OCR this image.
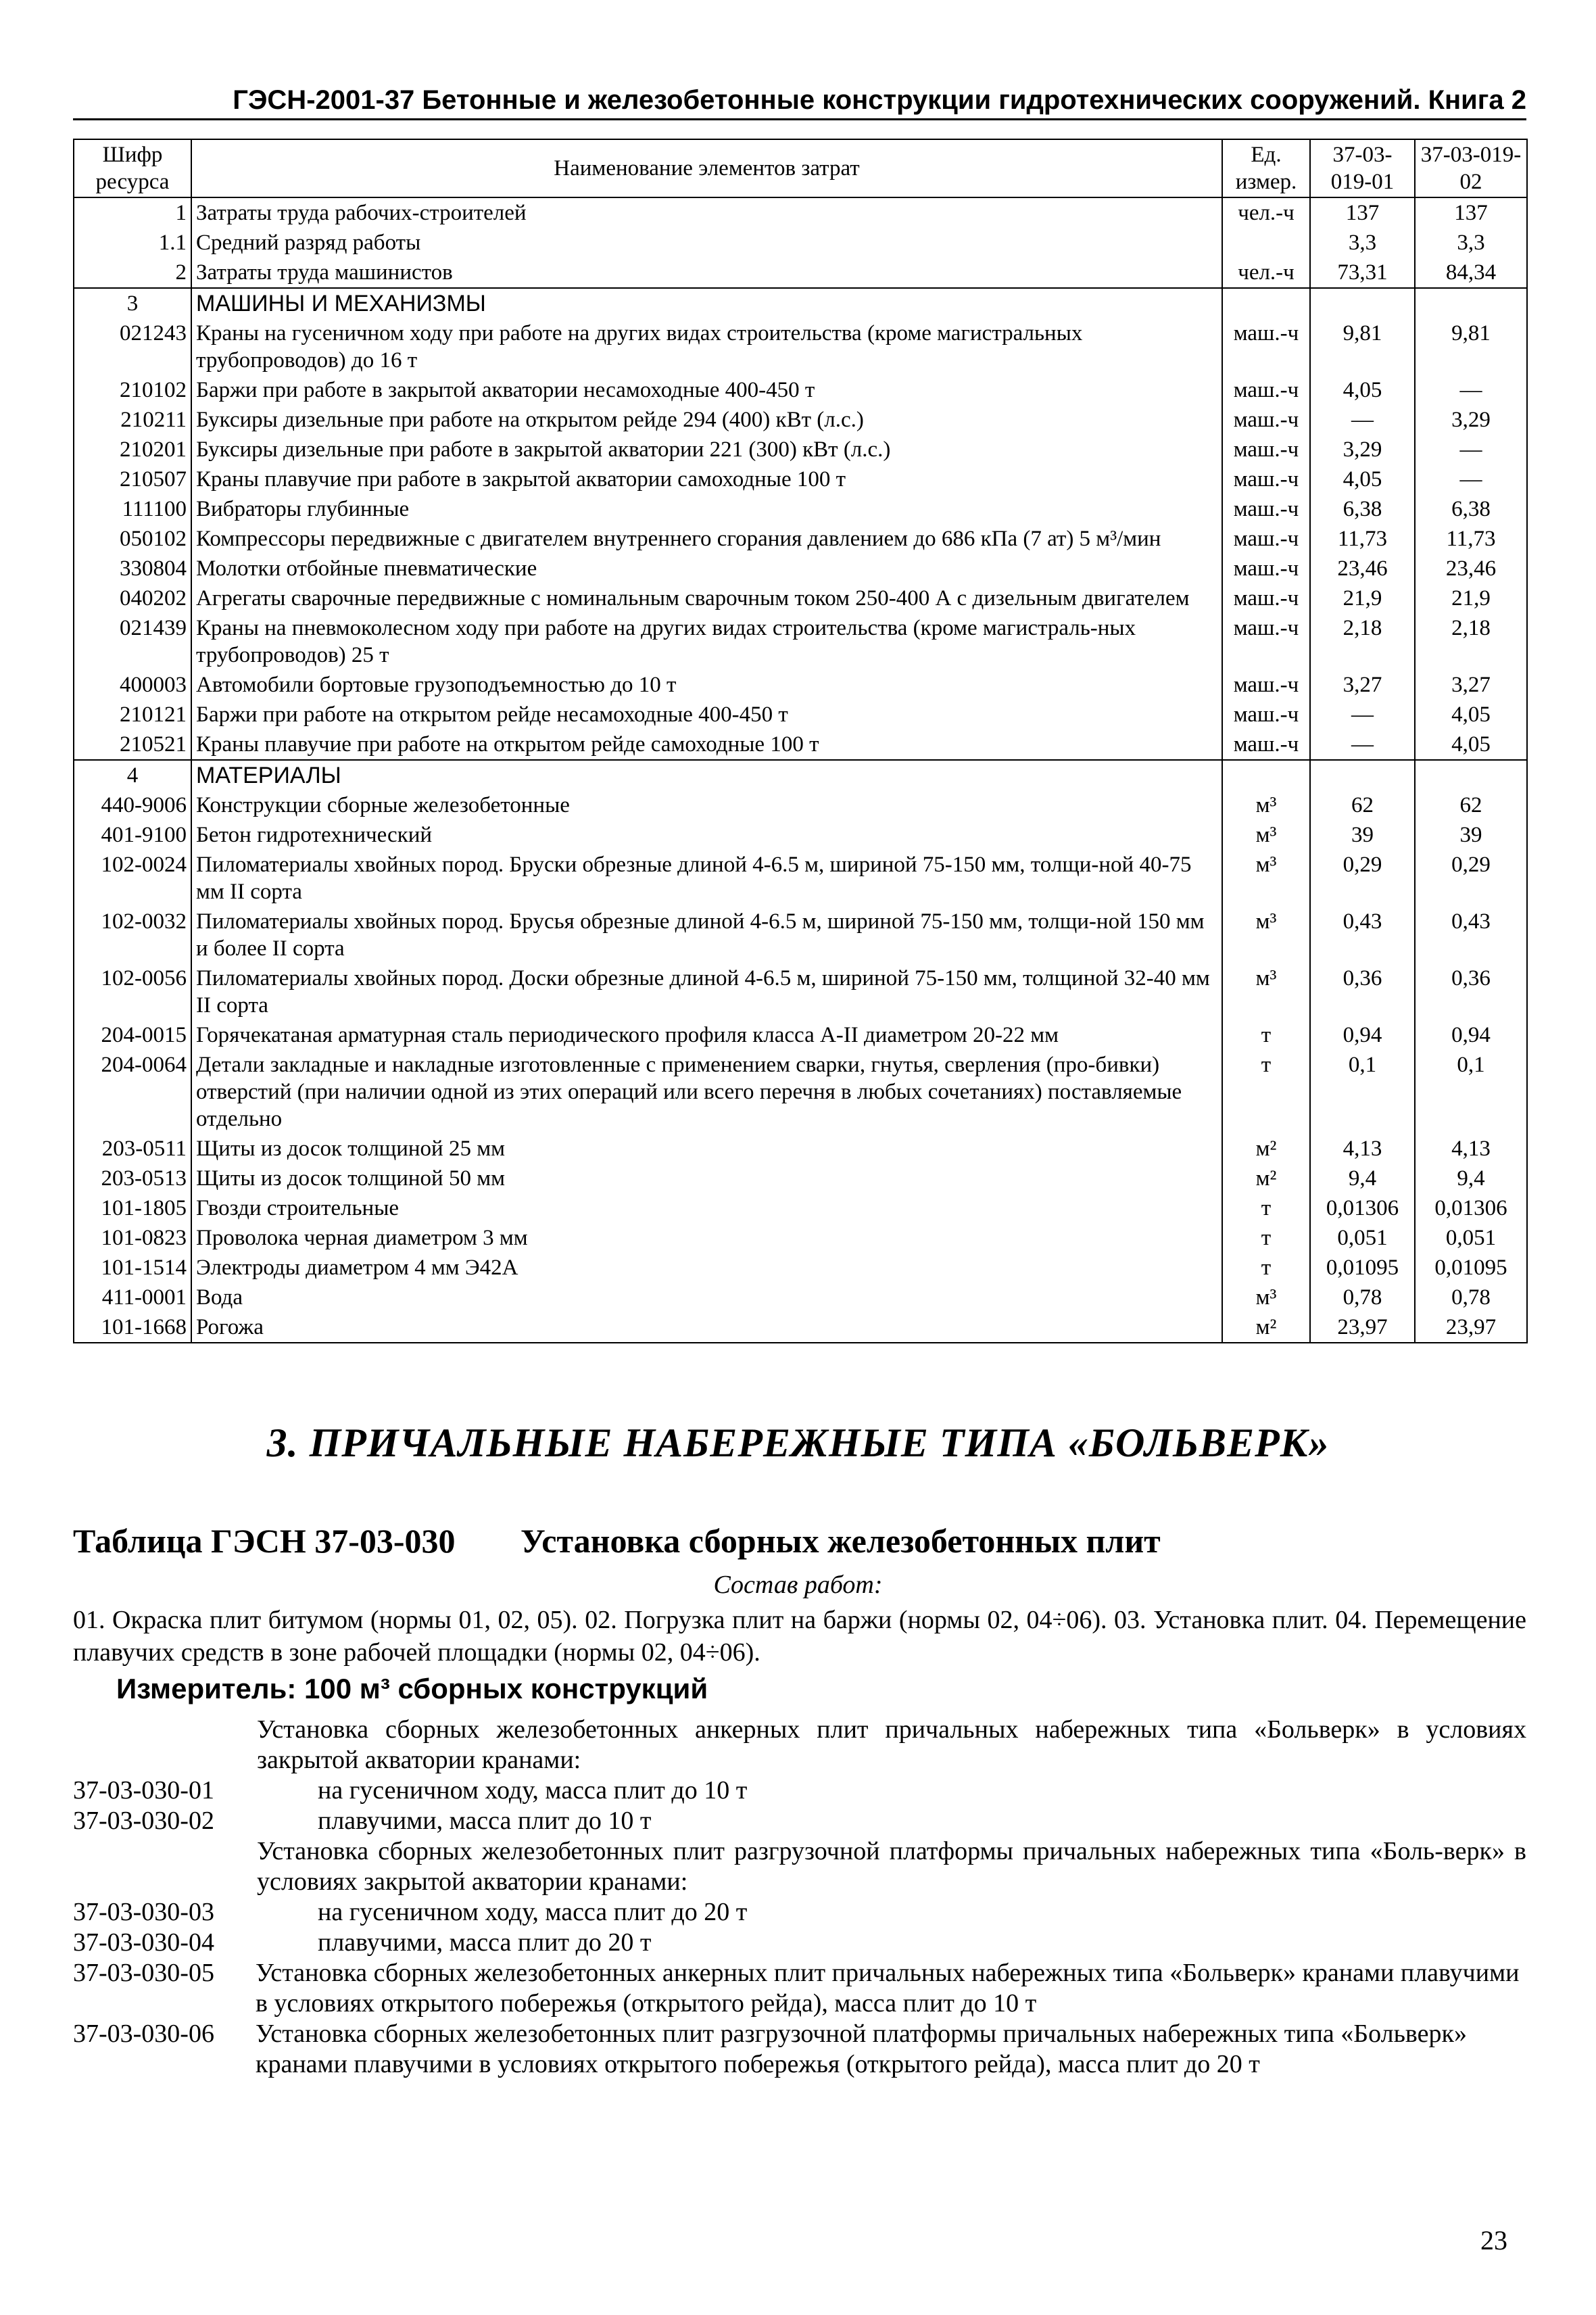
ГЭСН-2001-37 Бетонные и железобетонные конструкции гидротехнических сооружений. Книга 2
Шифр ресурса	Наименование элементов затрат	Ед. измер.	37-03-019-01	37-03-019-02
1	Затраты труда рабочих-строителей	чел.-ч	137	137
1.1	Средний разряд работы		3,3	3,3
2	Затраты труда машинистов	чел.-ч	73,31	84,34
3	МАШИНЫ И МЕХАНИЗМЫ			
021243	Краны на гусеничном ходу при работе на других видах строительства (кроме магистральных трубопроводов) до 16 т	маш.-ч	9,81	9,81
210102	Баржи при работе в закрытой акватории несамоходные 400-450 т	маш.-ч	4,05	—
210211	Буксиры дизельные при работе на открытом рейде 294 (400) кВт (л.с.)	маш.-ч	—	3,29
210201	Буксиры дизельные при работе в закрытой акватории 221 (300) кВт (л.с.)	маш.-ч	3,29	—
210507	Краны плавучие при работе в закрытой акватории самоходные 100 т	маш.-ч	4,05	—
111100	Вибраторы глубинные	маш.-ч	6,38	6,38
050102	Компрессоры передвижные с двигателем внутреннего сгорания давлением до 686 кПа (7 ат) 5 м³/мин	маш.-ч	11,73	11,73
330804	Молотки отбойные пневматические	маш.-ч	23,46	23,46
040202	Агрегаты сварочные передвижные с номинальным сварочным током 250-400 А с дизельным двигателем	маш.-ч	21,9	21,9
021439	Краны на пневмоколесном ходу при работе на других видах строительства (кроме магистраль-ных трубопроводов) 25 т	маш.-ч	2,18	2,18
400003	Автомобили бортовые грузоподъемностью до 10 т	маш.-ч	3,27	3,27
210121	Баржи при работе на открытом рейде несамоходные 400-450 т	маш.-ч	—	4,05
210521	Краны плавучие при работе на открытом рейде самоходные 100 т	маш.-ч	—	4,05
4	МАТЕРИАЛЫ			
440-9006	Конструкции сборные железобетонные	м³	62	62
401-9100	Бетон гидротехнический	м³	39	39
102-0024	Пиломатериалы хвойных пород. Бруски обрезные длиной 4-6.5 м, шириной 75-150 мм, толщи-ной 40-75 мм II сорта	м³	0,29	0,29
102-0032	Пиломатериалы хвойных пород. Брусья обрезные длиной 4-6.5 м, шириной 75-150 мм, толщи-ной 150 мм и более II сорта	м³	0,43	0,43
102-0056	Пиломатериалы хвойных пород. Доски обрезные длиной 4-6.5 м, шириной 75-150 мм, толщиной 32-40 мм II сорта	м³	0,36	0,36
204-0015	Горячекатаная арматурная сталь периодического профиля класса А-II диаметром 20-22 мм	т	0,94	0,94
204-0064	Детали закладные и накладные изготовленные с применением сварки, гнутья, сверления (про-бивки) отверстий (при наличии одной из этих операций или всего перечня в любых сочетаниях) поставляемые отдельно	т	0,1	0,1
203-0511	Щиты из досок толщиной 25 мм	м²	4,13	4,13
203-0513	Щиты из досок толщиной 50 мм	м²	9,4	9,4
101-1805	Гвозди строительные	т	0,01306	0,01306
101-0823	Проволока черная диаметром 3 мм	т	0,051	0,051
101-1514	Электроды диаметром 4 мм Э42А	т	0,01095	0,01095
411-0001	Вода	м³	0,78	0,78
101-1668	Рогожа	м²	23,97	23,97
3. ПРИЧАЛЬНЫЕ НАБЕРЕЖНЫЕ ТИПА «БОЛЬВЕРК»
Таблица ГЭСН 37-03-030 Установка сборных железобетонных плит
Состав работ:
01. Окраска плит битумом (нормы 01, 02, 05). 02. Погрузка плит на баржи (нормы 02, 04÷06). 03. Установка плит. 04. Перемещение плавучих средств в зоне рабочей площадки (нормы 02, 04÷06).
Измеритель: 100 м³ сборных конструкций
Установка сборных железобетонных анкерных плит причальных набережных типа «Больверк» в условиях закрытой акватории кранами:
37-03-030-01	на гусеничном ходу, масса плит до 10 т
37-03-030-02	плавучими, масса плит до 10 т
Установка сборных железобетонных плит разгрузочной платформы причальных набережных типа «Боль-верк» в условиях закрытой акватории кранами:
37-03-030-03	на гусеничном ходу, масса плит до 20 т
37-03-030-04	плавучими, масса плит до 20 т
37-03-030-05	Установка сборных железобетонных анкерных плит причальных набережных типа «Больверк» кранами плавучими в условиях открытого побережья (открытого рейда), масса плит до 10 т
37-03-030-06	Установка сборных железобетонных плит разгрузочной платформы причальных набережных типа «Больверк» кранами плавучими в условиях открытого побережья (открытого рейда), масса плит до 20 т
23
